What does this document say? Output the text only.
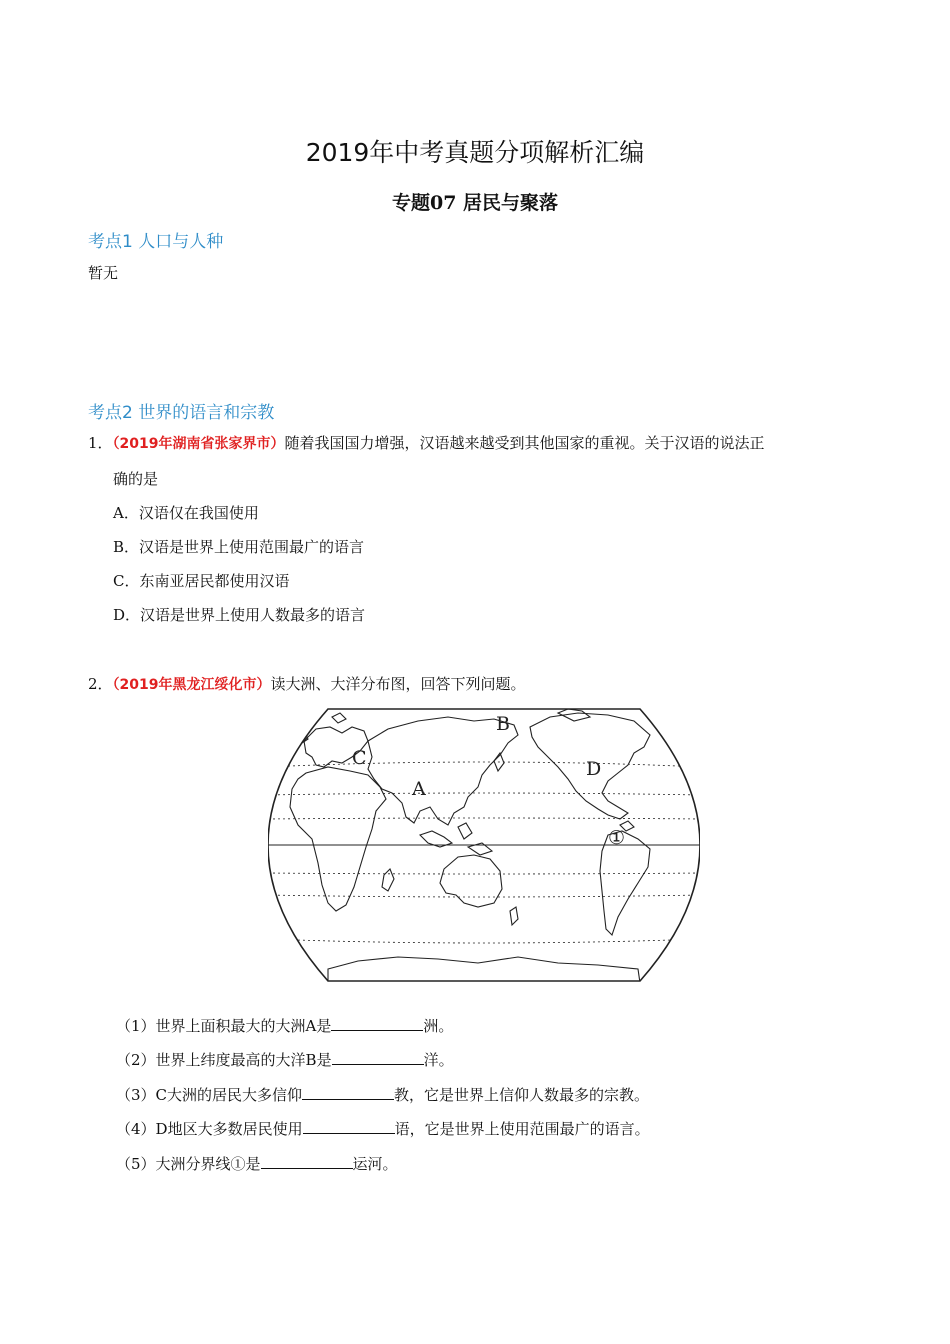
2019年中考真题分项解析汇编
专题07 居民与聚落
考点1 人口与人种
暂无
考点2 世界的语言和宗教
1．（2019年湖南省张家界市）随着我国国力增强，汉语越来越受到其他国家的重视。关于汉语的说法正
确的是
A．汉语仅在我国使用
B．汉语是世界上使用范围最广的语言
C．东南亚居民都使用汉语
D．汉语是世界上使用人数最多的语言
2．（2019年黑龙江绥化市）读大洲、大洋分布图，回答下列问题。
A
B
C	D
①
（1）世界上面积最大的大洲A是	洲。
（2）世界上纬度最高的大洋B是	洋。
（3）C大洲的居民大多信仰	教，它是世界上信仰人数最多的宗教。
（4）D地区大多数居民使用	语，它是世界上使用范围最广的语言。
（5）大洲分界线①是	运河。
